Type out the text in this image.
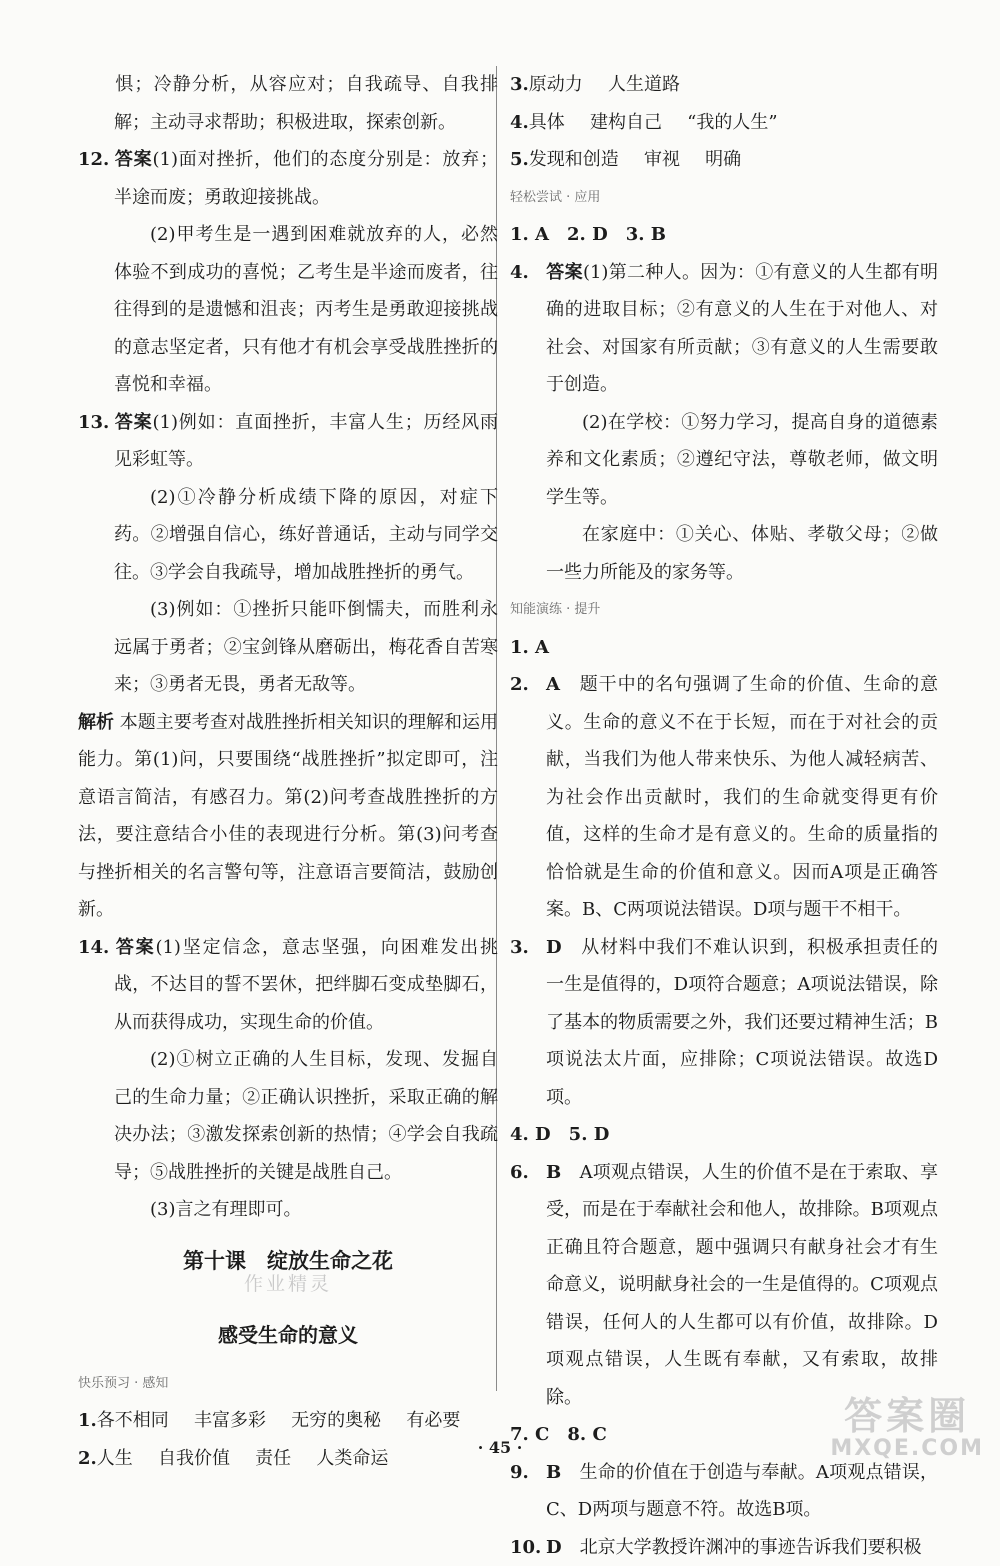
惧；冷静分析，从容应对；自我疏导、自我排解；主动寻求帮助；积极进取，探索创新。

12. 答案(1)面对挫折，他们的态度分别是：放弃；半途而废；勇敢迎接挑战。

(2)甲考生是一遇到困难就放弃的人，必然体验不到成功的喜悦；乙考生是半途而废者，往往得到的是遗憾和沮丧；丙考生是勇敢迎接挑战的意志坚定者，只有他才有机会享受战胜挫折的喜悦和幸福。

13. 答案(1)例如：直面挫折，丰富人生；历经风雨见彩虹等。

(2)①冷静分析成绩下降的原因，对症下药。②增强自信心，练好普通话，主动与同学交往。③学会自我疏导，增加战胜挫折的勇气。

(3)例如：①挫折只能吓倒懦夫，而胜利永远属于勇者；②宝剑锋从磨砺出，梅花香自苦寒来；③勇者无畏，勇者无敌等。

解析 本题主要考查对战胜挫折相关知识的理解和运用能力。第(1)问，只要围绕“战胜挫折”拟定即可，注意语言简洁，有感召力。第(2)问考查战胜挫折的方法，要注意结合小佳的表现进行分析。第(3)问考查与挫折相关的名言警句等，注意语言要简洁，鼓励创新。

14. 答案(1)坚定信念，意志坚强，向困难发出挑战，不达目的誓不罢休，把绊脚石变成垫脚石，从而获得成功，实现生命的价值。

(2)①树立正确的人生目标，发现、发掘自己的生命力量；②正确认识挫折，采取正确的解决办法；③激发探索创新的热情；④学会自我疏导；⑤战胜挫折的关键是战胜自己。

(3)言之有理即可。

第十课　绽放生命之花

作业精灵

感受生命的意义

快乐预习 · 感知

1.各不相同 丰富多彩 无穷的奥秘 有必要

2.人生 自我价值 责任 人类命运

3.原动力 人生道路

4.具体 建构自己 “我的人生”

5.发现和创造 审视 明确

轻松尝试 · 应用

1. A　2. D　3. B

4. 答案(1)第二种人。因为：①有意义的人生都有明确的进取目标；②有意义的人生在于对他人、对社会、对国家有所贡献；③有意义的人生需要敢于创造。

(2)在学校：①努力学习，提高自身的道德素养和文化素质；②遵纪守法，尊敬老师，做文明学生等。

在家庭中：①关心、体贴、孝敬父母；②做一些力所能及的家务等。

知能演练 · 提升

1. A

2. A　 题干中的名句强调了生命的价值、生命的意义。生命的意义不在于长短，而在于对社会的贡献，当我们为他人带来快乐、为他人减轻病苦、为社会作出贡献时，我们的生命就变得更有价值，这样的生命才是有意义的。生命的质量指的恰恰就是生命的价值和意义。因而A项是正确答案。B、C两项说法错误。D项与题干不相干。

3. D　 从材料中我们不难认识到，积极承担责任的一生是值得的，D项符合题意；A项说法错误，除了基本的物质需要之外，我们还要过精神生活；B项说法太片面，应排除；C项说法错误。故选D项。

4. D　5. D

6. B　 A项观点错误，人生的价值不是在于索取、享受，而是在于奉献社会和他人，故排除。B项观点正确且符合题意，题中强调只有献身社会才有生命意义，说明献身社会的一生是值得的。C项观点错误，任何人的人生都可以有价值，故排除。D项观点错误，人生既有奉献，又有索取，故排除。

7. C　8. C

9. B　 生命的价值在于创造与奉献。A项观点错误，C、D两项与题意不符。故选B项。

10. D　 北京大学教授许渊冲的事迹告诉我们要积极

· 45 ·
答案圈
MXQE.COM
